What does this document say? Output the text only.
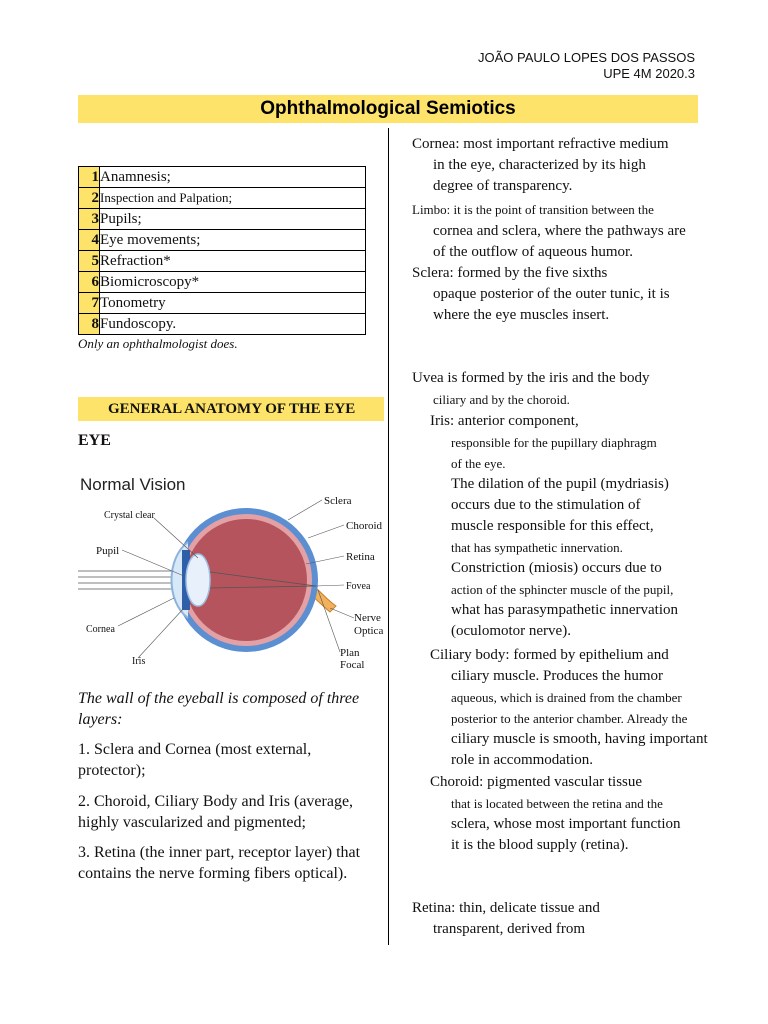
JOÃO PAULO LOPES DOS PASSOS
UPE 4M 2020.3
Ophthalmological Semiotics
1	Anamnesis;
2	Inspection and Palpation;
3	Pupils;
4	Eye movements;
5	Refraction*
6	Biomicroscopy*
7	Tonometry
8	Fundoscopy.
Only an ophthalmologist does.
GENERAL ANATOMY OF THE EYE
EYE
Normal Vision
Crystal clear
Pupil
Cornea
Iris
Sclera
Choroid
Retina
Fovea
Nerve
Optica
Plan
Focal
The wall of the eyeball is composed of three layers:
1. Sclera and Cornea (most external, protector);
2. Choroid, Ciliary Body and Iris (average, highly vascularized and pigmented;
3. Retina (the inner part, receptor layer) that contains the nerve forming fibers optical).
Cornea: most important refractive medium
in the eye, characterized by its high
degree of transparency.
Limbo: it is the point of transition between the
cornea and sclera, where the pathways are
of the outflow of aqueous humor.
Sclera: formed by the five sixths
opaque posterior of the outer tunic, it is
where the eye muscles insert.
Uvea is formed by the iris and the body
ciliary and by the choroid.
Iris: anterior component,
responsible for the pupillary diaphragm
of the eye.
The dilation of the pupil (mydriasis)
occurs due to the stimulation of
muscle responsible for this effect,
that has sympathetic innervation.
Constriction (miosis) occurs due to
action of the sphincter muscle of the pupil,
what has parasympathetic innervation
(oculomotor nerve).
Ciliary body: formed by epithelium and
ciliary muscle. Produces the humor
aqueous, which is drained from the chamber
posterior to the anterior chamber. Already the
ciliary muscle is smooth, having important
role in accommodation.
Choroid: pigmented vascular tissue
that is located between the retina and the
sclera, whose most important function
it is the blood supply (retina).
Retina: thin, delicate tissue and
transparent, derived from
